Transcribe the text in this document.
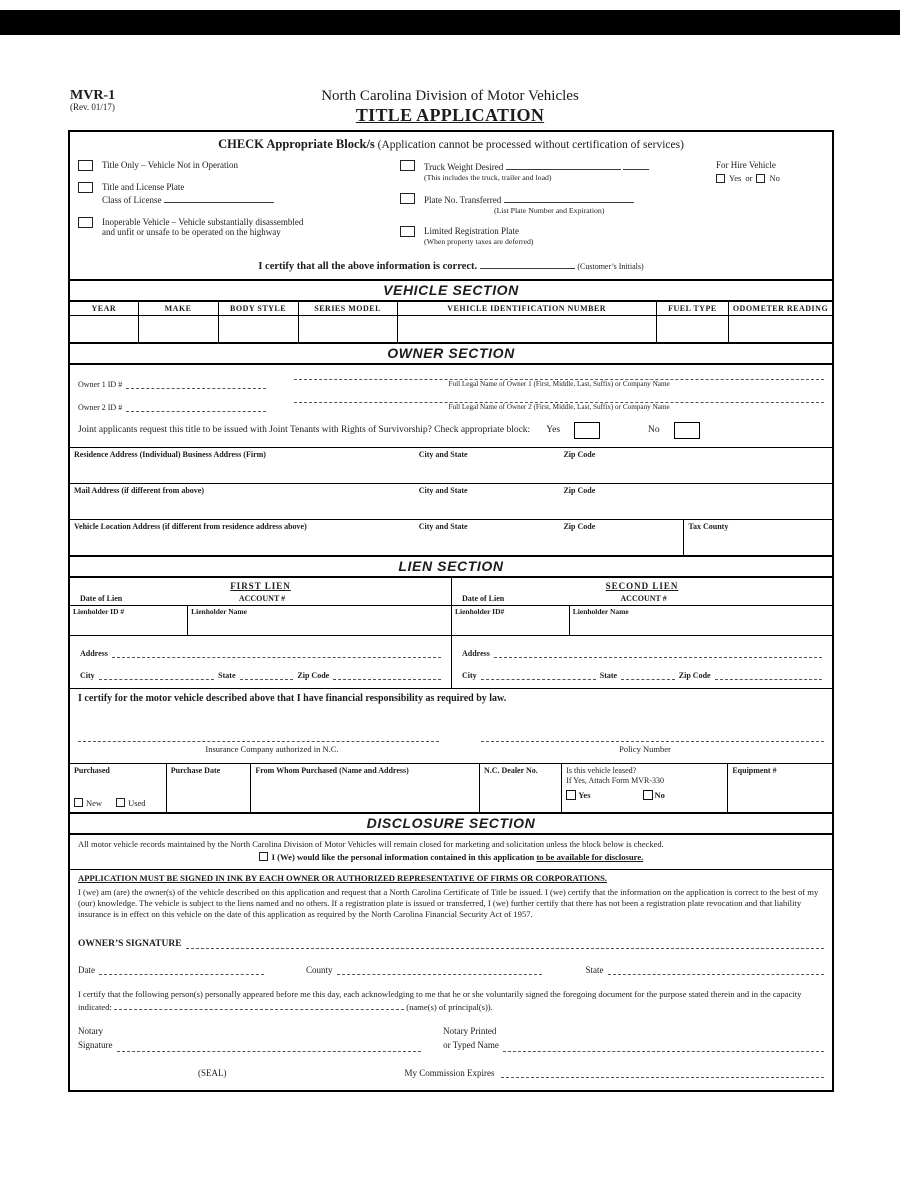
MVR-1
(Rev. 01/17)
North Carolina Division of Motor Vehicles
TITLE APPLICATION
CHECK Appropriate Block/s (Application cannot be processed without certification of services)
Title Only – Vehicle Not in Operation
Title and License Plate
Class of License
Inoperable Vehicle – Vehicle substantially disassembled
and unfit or unsafe to be operated on the highway
Truck Weight Desired
(This includes the truck, trailer and load)
Plate No. Transferred
(List Plate Number and Expiration)
Limited Registration Plate
(When property taxes are deferred)
For Hire Vehicle
Yes or No
I certify that all the above information is correct.	(Customer’s Initials)
VEHICLE SECTION
YEAR	MAKE	BODY STYLE	SERIES MODEL	VEHICLE IDENTIFICATION NUMBER	FUEL TYPE	ODOMETER READING
OWNER SECTION
Owner 1 ID #	Full Legal Name of Owner 1 (First, Middle, Last, Suffix) or Company Name
Owner 2 ID #	Full Legal Name of Owner 2 (First, Middle, Last, Suffix) or Company Name
Joint applicants request this title to be issued with Joint Tenants with Rights of Survivorship? Check appropriate block: Yes	No
Residence Address (Individual) Business Address (Firm)	City and State	Zip Code
Mail Address (if different from above)	City and State	Zip Code
Vehicle Location Address (if different from residence address above)	City and State	Zip Code	Tax County
LIEN SECTION
FIRST LIEN
Date of Lien	ACCOUNT #
Lienholder ID #	Lienholder Name
Address
City	State	Zip Code
SECOND LIEN
Date of Lien	ACCOUNT #
Lienholder ID#	Lienholder Name
Address
City	State	Zip Code
I certify for the motor vehicle described above that I have financial responsibility as required by law.
Insurance Company authorized in N.C.	Policy Number
Purchased
New	Used
Purchase Date	From Whom Purchased (Name and Address)	N.C. Dealer No.	Is this vehicle leased?
If Yes, Attach Form MVR-330
Yes	No
Equipment #
DISCLOSURE SECTION
All motor vehicle records maintained by the North Carolina Division of Motor Vehicles will remain closed for marketing and solicitation unless the block below is checked.
I (We) would like the personal information contained in this application to be available for disclosure.
APPLICATION MUST BE SIGNED IN INK BY EACH OWNER OR AUTHORIZED REPRESENTATIVE OF FIRMS OR CORPORATIONS.
I (we) am (are) the owner(s) of the vehicle described on this application and request that a North Carolina Certificate of Title be issued. I (we) certify that the information on the application is correct to the best of my (our) knowledge. The vehicle is subject to the liens named and no others. If a registration plate is issued or transferred, I (we) further certify that there has not been a registration plate revocation and that liability insurance is in effect on this vehicle on the date of this application as required by the North Carolina Financial Security Act of 1957.
OWNER’S SIGNATURE
Date	County	State
I certify that the following person(s) personally appeared before me this day, each acknowledging to me that he or she voluntarily signed the foregoing document for the purpose stated therein and in the capacity indicated:	(name(s) of principal(s)).
Notary
Signature
Notary Printed
or Typed Name
(SEAL)	My Commission Expires
